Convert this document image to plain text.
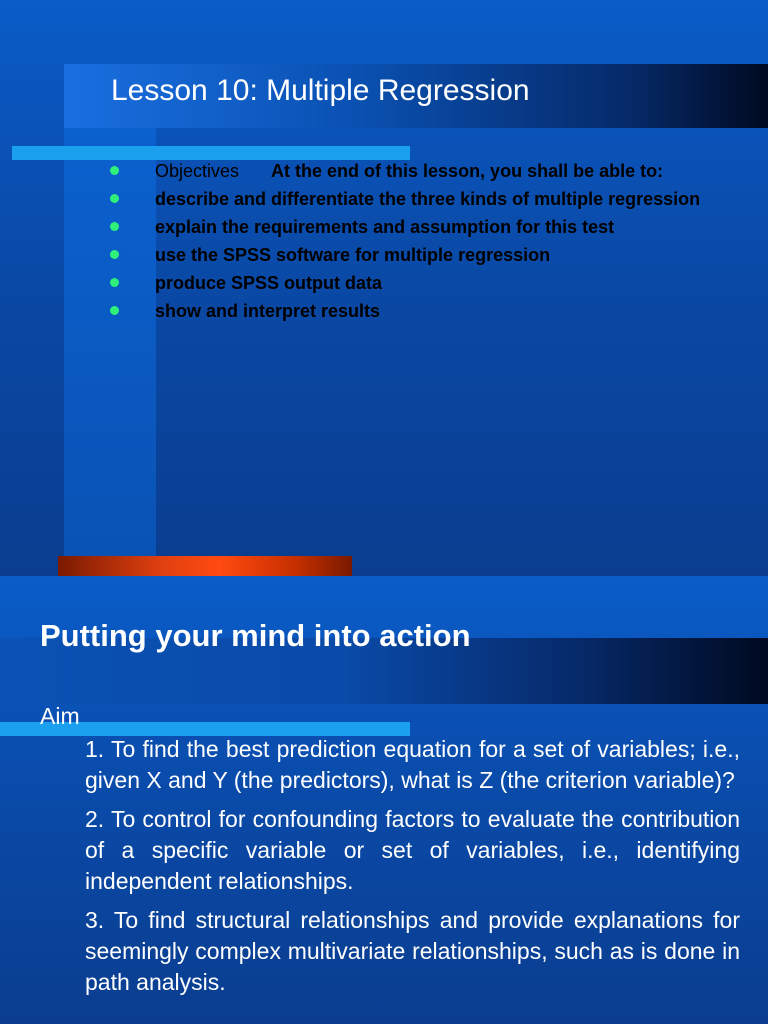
Lesson 10: Multiple Regression
Objectives At the end of this lesson, you shall be able to:
describe and differentiate the three kinds of multiple regression
explain the requirements and assumption for this test
use the SPSS software for multiple regression
produce SPSS output data
show and interpret results
Putting your mind into action
Aim
1. To find the best prediction equation for a set of variables; i.e., given X and Y (the predictors), what is Z (the criterion variable)?
2. To control for confounding factors to evaluate the contribution of a specific variable or set of variables, i.e., identifying independent relationships.
3. To find structural relationships and provide explanations for seemingly complex multivariate relationships, such as is done in path analysis.
